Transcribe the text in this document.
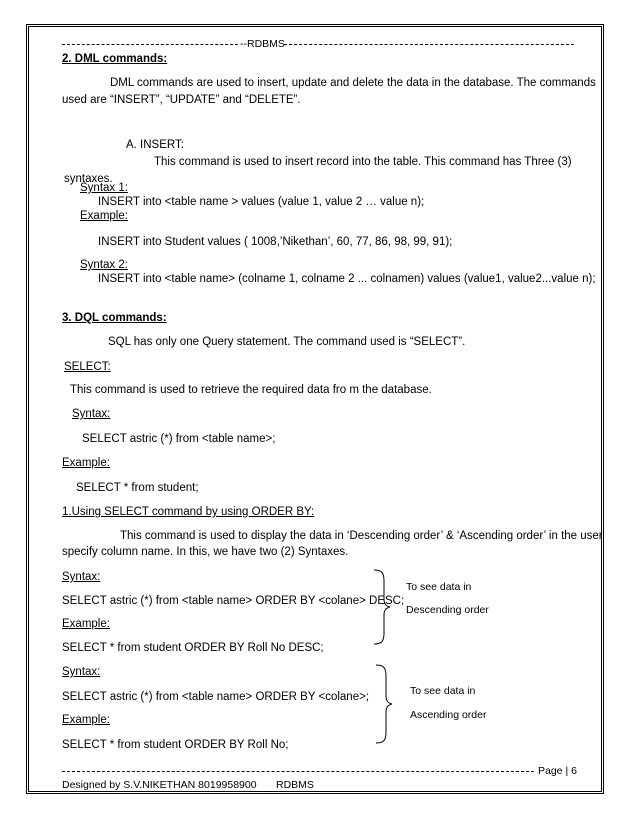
--RDBMS
2. DML commands:
DML commands are used to insert, update and delete the data in the database. The commands
used are “INSERT”, “UPDATE” and “DELETE”.
A. INSERT:
This command is used to insert record into the table. This command has Three (3)
syntaxes.
Syntax 1:
INSERT into <table name > values (value 1, value 2 … value n);
Example:
INSERT into Student values ( 1008,’Nikethan’, 60, 77, 86, 98, 99, 91);
Syntax 2:
INSERT into <table name> (colname 1, colname 2 ... colnamen) values (value1, value2...value n);
3. DQL commands:
SQL has only one Query statement. The command used is “SELECT”.
SELECT:
This command is used to retrieve the required data fro m the database.
Syntax:
SELECT astric (*) from <table name>;
Example:
SELECT * from student;
1.Using SELECT command by using ORDER BY:
This command is used to display the data in ‘Descending order’ & ‘Ascending order’ in the user
specify column name. In this, we have two (2) Syntaxes.
Syntax:
SELECT astric (*) from <table name> ORDER BY <colane> DESC;
Example:
SELECT * from student ORDER BY Roll No DESC;
Syntax:
SELECT astric (*) from <table name> ORDER BY <colane>;
Example:
SELECT * from student ORDER BY Roll No;
To see data in
Descending order
To see data in
Ascending order
Page | 6
Designed by S.V.NIKETHAN 8019958900 RDBMS
